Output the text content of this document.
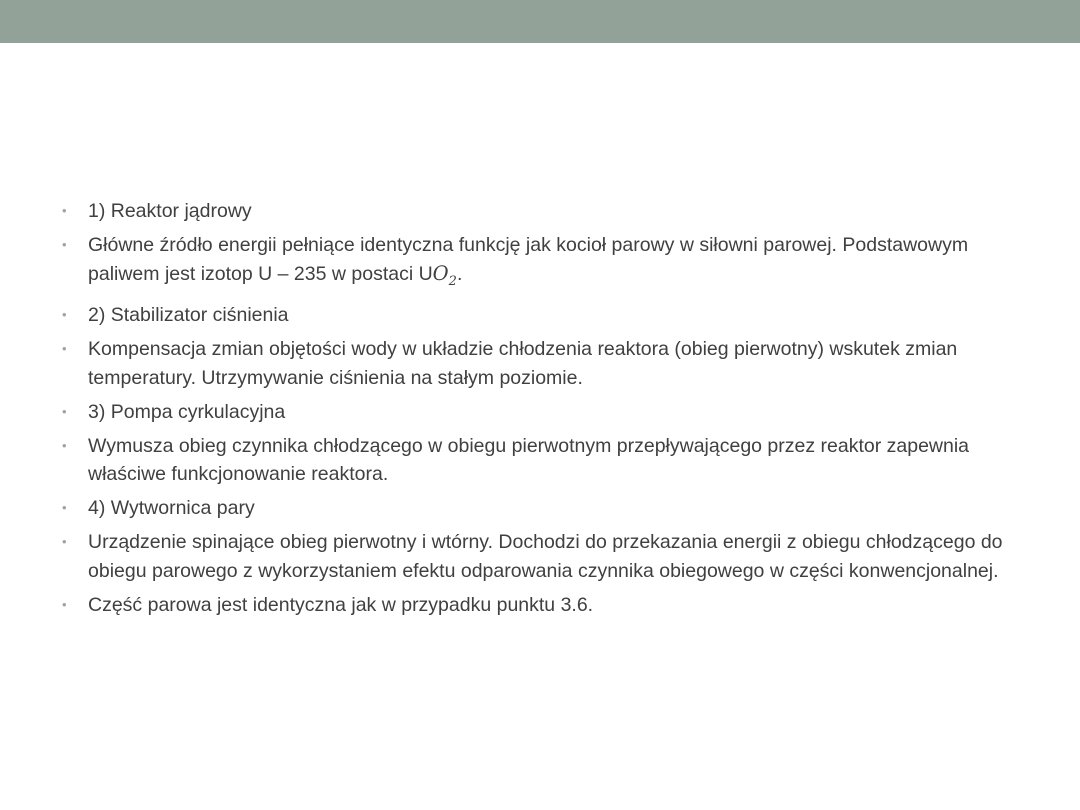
• 1) Reaktor jądrowy
• Główne źródło energii pełniące identyczna funkcję jak kocioł parowy w siłowni parowej. Podstawowym paliwem jest izotop U – 235 w postaci $UO_2$.
• 2) Stabilizator ciśnienia
• Kompensacja zmian objętości wody w układzie chłodzenia reaktora (obieg pierwotny) wskutek zmian temperatury. Utrzymywanie ciśnienia na stałym poziomie.
• 3) Pompa cyrkulacyjna
• Wymusza obieg czynnika chłodzącego w obiegu pierwotnym przepływającego przez reaktor zapewnia właściwe funkcjonowanie reaktora.
• 4) Wytwornica pary
• Urządzenie spinające obieg pierwotny i wtórny. Dochodzi do przekazania energii z obiegu chłodzącego do obiegu parowego z wykorzystaniem efektu odparowania czynnika obiegowego w części konwencjonalnej.
• Część parowa jest identyczna jak w przypadku punktu 3.6.
